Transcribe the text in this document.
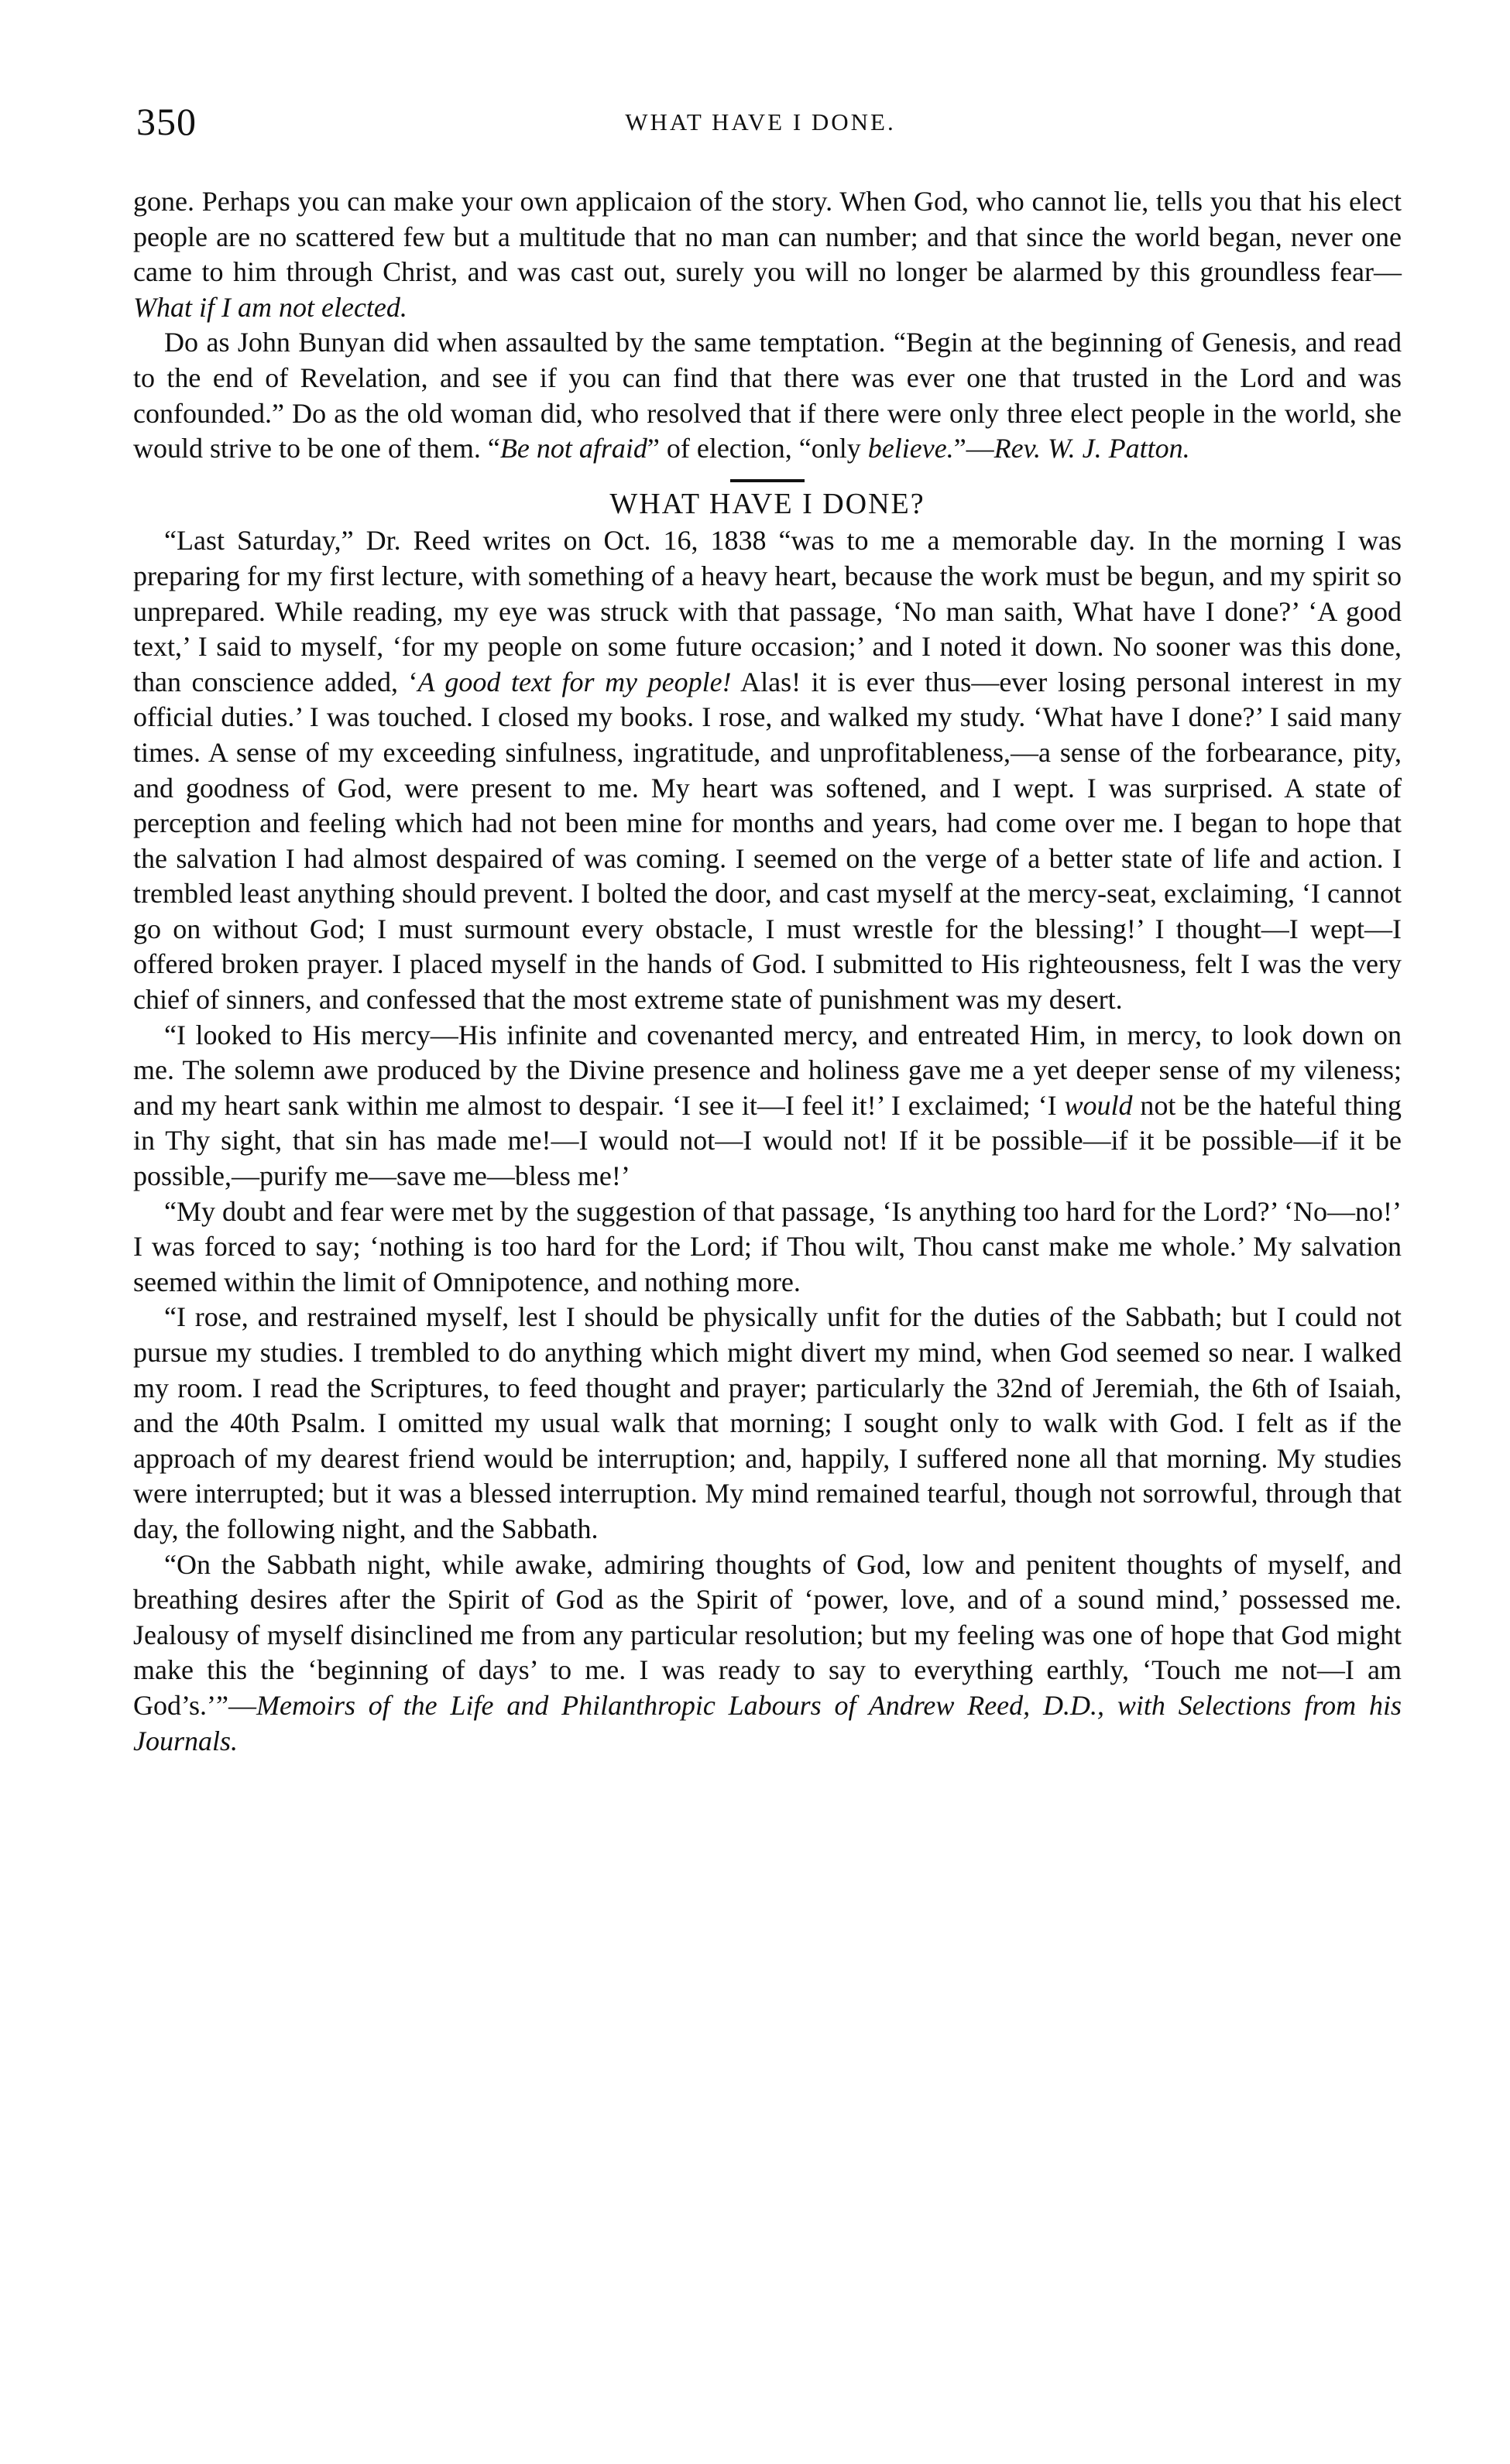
350	WHAT HAVE I DONE.

gone. Perhaps you can make your own applicaion of the story. When God, who cannot lie, tells you that his elect people are no scattered few but a multitude that no man can number; and that since the world began, never one came to him through Christ, and was cast out, surely you will no longer be alarmed by this groundless fear—What if I am not elected.

Do as John Bunyan did when assaulted by the same temptation. “Begin at the beginning of Genesis, and read to the end of Revelation, and see if you can find that there was ever one that trusted in the Lord and was confounded.” Do as the old woman did, who resolved that if there were only three elect people in the world, she would strive to be one of them. “Be not afraid” of election, “only believe.”—Rev. W. J. Patton.

WHAT HAVE I DONE?

“Last Saturday,” Dr. Reed writes on Oct. 16, 1838 “was to me a memorable day. In the morning I was preparing for my first lecture, with something of a heavy heart, because the work must be begun, and my spirit so unprepared. While reading, my eye was struck with that passage, ‘No man saith, What have I done?’ ‘A good text,’ I said to myself, ‘for my people on some future occasion;’ and I noted it down. No sooner was this done, than conscience added, ‘A good text for my people! Alas! it is ever thus—ever losing personal interest in my official duties.’ I was touched. I closed my books. I rose, and walked my study. ‘What have I done?’ I said many times. A sense of my exceeding sinfulness, ingratitude, and unprofitableness,—a sense of the forbearance, pity, and goodness of God, were present to me. My heart was softened, and I wept. I was surprised. A state of perception and feeling which had not been mine for months and years, had come over me. I began to hope that the salvation I had almost despaired of was coming. I seemed on the verge of a better state of life and action. I trembled least anything should prevent. I bolted the door, and cast myself at the mercy-seat, exclaiming, ‘I cannot go on without God; I must surmount every obstacle, I must wrestle for the blessing!’ I thought—I wept—I offered broken prayer. I placed myself in the hands of God. I submitted to His righteousness, felt I was the very chief of sinners, and confessed that the most extreme state of punishment was my desert.

“I looked to His mercy—His infinite and covenanted mercy, and entreated Him, in mercy, to look down on me. The solemn awe produced by the Divine presence and holiness gave me a yet deeper sense of my vileness; and my heart sank within me almost to despair. ‘I see it—I feel it!’ I exclaimed; ‘I would not be the hateful thing in Thy sight, that sin has made me!—I would not—I would not! If it be possible—if it be possible—if it be possible,—purify me—save me—bless me!’

“My doubt and fear were met by the suggestion of that passage, ‘Is anything too hard for the Lord?’ ‘No—no!’ I was forced to say; ‘nothing is too hard for the Lord; if Thou wilt, Thou canst make me whole.’ My salvation seemed within the limit of Omnipotence, and nothing more.

“I rose, and restrained myself, lest I should be physically unfit for the duties of the Sabbath; but I could not pursue my studies. I trembled to do anything which might divert my mind, when God seemed so near. I walked my room. I read the Scriptures, to feed thought and prayer; particularly the 32nd of Jeremiah, the 6th of Isaiah, and the 40th Psalm. I omitted my usual walk that morning; I sought only to walk with God. I felt as if the approach of my dearest friend would be interruption; and, happily, I suffered none all that morning. My studies were interrupted; but it was a blessed interruption. My mind remained tearful, though not sorrowful, through that day, the following night, and the Sabbath.

“On the Sabbath night, while awake, admiring thoughts of God, low and penitent thoughts of myself, and breathing desires after the Spirit of God as the Spirit of ‘power, love, and of a sound mind,’ possessed me. Jealousy of myself disinclined me from any particular resolution; but my feeling was one of hope that God might make this the ‘beginning of days’ to me. I was ready to say to everything earthly, ‘Touch me not—I am God’s.’”—Memoirs of the Life and Philanthropic Labours of Andrew Reed, D.D., with Selections from his Journals.
